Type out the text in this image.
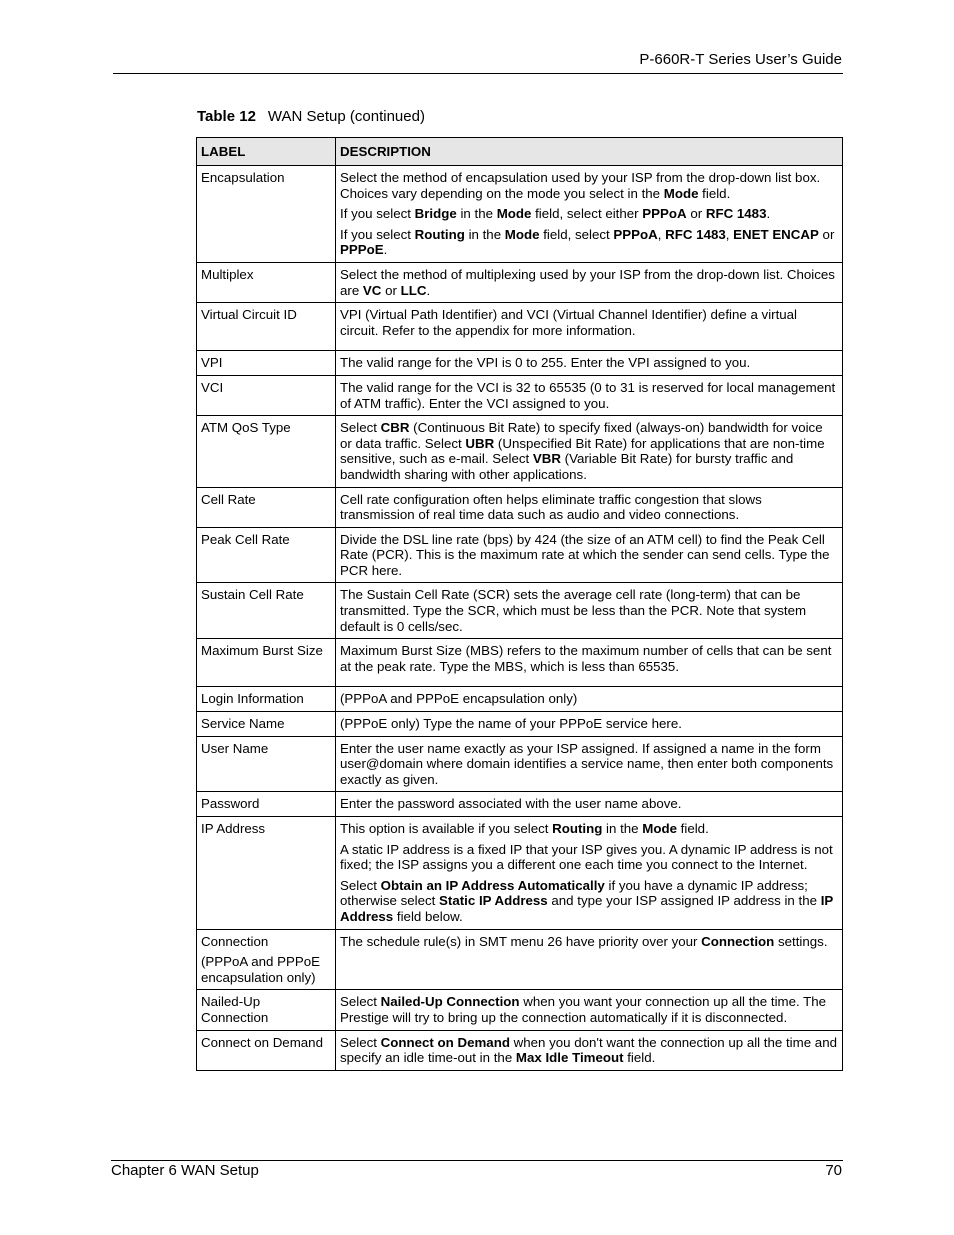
P-660R-T Series User’s Guide
Table 12 WAN Setup (continued)
LABEL	DESCRIPTION

Encapsulation	Select the method of encapsulation used by your ISP from the drop-down list box. Choices vary depending on the mode you select in the Mode field.

If you select Bridge in the Mode field, select either PPPoA or RFC 1483.

If you select Routing in the Mode field, select PPPoA, RFC 1483, ENET ENCAP or PPPoE.

Multiplex	Select the method of multiplexing used by your ISP from the drop-down list. Choices are VC or LLC.

Virtual Circuit ID	VPI (Virtual Path Identifier) and VCI (Virtual Channel Identifier) define a virtual circuit. Refer to the appendix for more information.

VPI	The valid range for the VPI is 0 to 255. Enter the VPI assigned to you.

VCI	The valid range for the VCI is 32 to 65535 (0 to 31 is reserved for local management of ATM traffic). Enter the VCI assigned to you.

ATM QoS Type	Select CBR (Continuous Bit Rate) to specify fixed (always-on) bandwidth for voice or data traffic. Select UBR (Unspecified Bit Rate) for applications that are non-time sensitive, such as e-mail. Select VBR (Variable Bit Rate) for bursty traffic and bandwidth sharing with other applications.

Cell Rate	Cell rate configuration often helps eliminate traffic congestion that slows transmission of real time data such as audio and video connections.

Peak Cell Rate	Divide the DSL line rate (bps) by 424 (the size of an ATM cell) to find the Peak Cell Rate (PCR). This is the maximum rate at which the sender can send cells. Type the PCR here.

Sustain Cell Rate	The Sustain Cell Rate (SCR) sets the average cell rate (long-term) that can be transmitted. Type the SCR, which must be less than the PCR. Note that system default is 0 cells/sec.

Maximum Burst Size	Maximum Burst Size (MBS) refers to the maximum number of cells that can be sent at the peak rate. Type the MBS, which is less than 65535.

Login Information	(PPPoA and PPPoE encapsulation only)

Service Name	(PPPoE only) Type the name of your PPPoE service here.

User Name	Enter the user name exactly as your ISP assigned. If assigned a name in the form user@domain where domain identifies a service name, then enter both components exactly as given.

Password	Enter the password associated with the user name above.

IP Address	This option is available if you select Routing in the Mode field.

A static IP address is a fixed IP that your ISP gives you. A dynamic IP address is not fixed; the ISP assigns you a different one each time you connect to the Internet.

Select Obtain an IP Address Automatically if you have a dynamic IP address; otherwise select Static IP Address and type your ISP assigned IP address in the IP Address field below.

Connection

(PPPoA and PPPoE encapsulation only)	The schedule rule(s) in SMT menu 26 have priority over your Connection settings.

Nailed-Up Connection	Select Nailed-Up Connection when you want your connection up all the time. The Prestige will try to bring up the connection automatically if it is disconnected.

Connect on Demand	Select Connect on Demand when you don't want the connection up all the time and specify an idle time-out in the Max Idle Timeout field.

Chapter 6 WAN Setup	70
